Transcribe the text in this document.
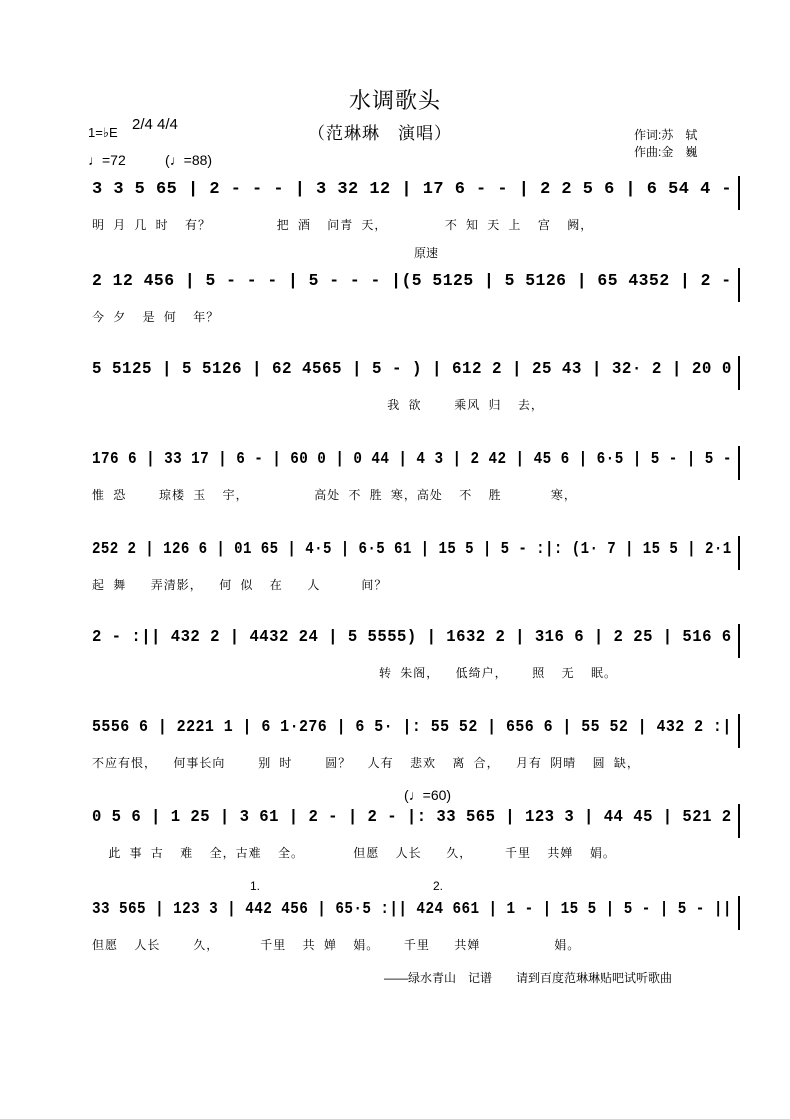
水调歌头
（范琳琳　演唱）
1=♭E 2/4 4/4
♩=72	(♩=88)
作词:苏　轼
作曲:金　巍
原速
(♩=60)
1.	2.
3 3 5 65 | 2 - - - | 3 32 12 | 17 6 - - | 2 2 5 6 | 6 54 4 -
明 月 几 时  有？        把 酒  问青 天，       不 知 天 上  宫  阙，
2 12 456 | 5 - - - | 5 - - - |(5 5125 | 5 5126 | 65 4352 | 2 -
今 夕  是 何  年？
5 5125 | 5 5126 | 62 4565 | 5 - ) | 612 2 | 25 43 | 32· 2 | 20 0
我 欲    乘风 归  去，
176 6 | 33 17 | 6 - | 60 0 | 0 44 | 4 3 | 2 42 | 45 6 | 6·5 | 5 - | 5 -
惟 恐    琼楼 玉  宇，        高处 不 胜 寒，高处  不  胜      寒，
252 2 | 126 6 | 01 65 | 4·5 | 6·5 61 | 15 5 | 5 - :|: (1· 7 | 15 5 | 2·1
起 舞   弄清影，  何 似  在   人     间？
2 - :|| 432 2 | 4432 24 | 5 5555) | 1632 2 | 316 6 | 2 25 | 516 6
转 朱阁，  低绮户，   照  无  眠。
5556 6 | 2221 1 | 6 1·276 | 6 5· |: 55 52 | 656 6 | 55 52 | 432 2 :|
不应有恨，  何事长向    别 时    圆？  人有  悲欢  离 合，  月有 阴晴  圆 缺，
0 5 6 | 1 25 | 3 61 | 2 - | 2 - |: 33 565 | 123 3 | 44 45 | 521 2
此 事 古  难  全，古难  全。      但愿  人长   久，    千里  共婵  娟。
33 565 | 123 3 | 442 456 | 65·5 :|| 424 661 | 1 - | 15 5 | 5 - | 5 - ||
但愿  人长    久，     千里  共 婵  娟。   千里   共婵         娟。
——绿水青山　记谱　　请到百度范琳琳贴吧试听歌曲
